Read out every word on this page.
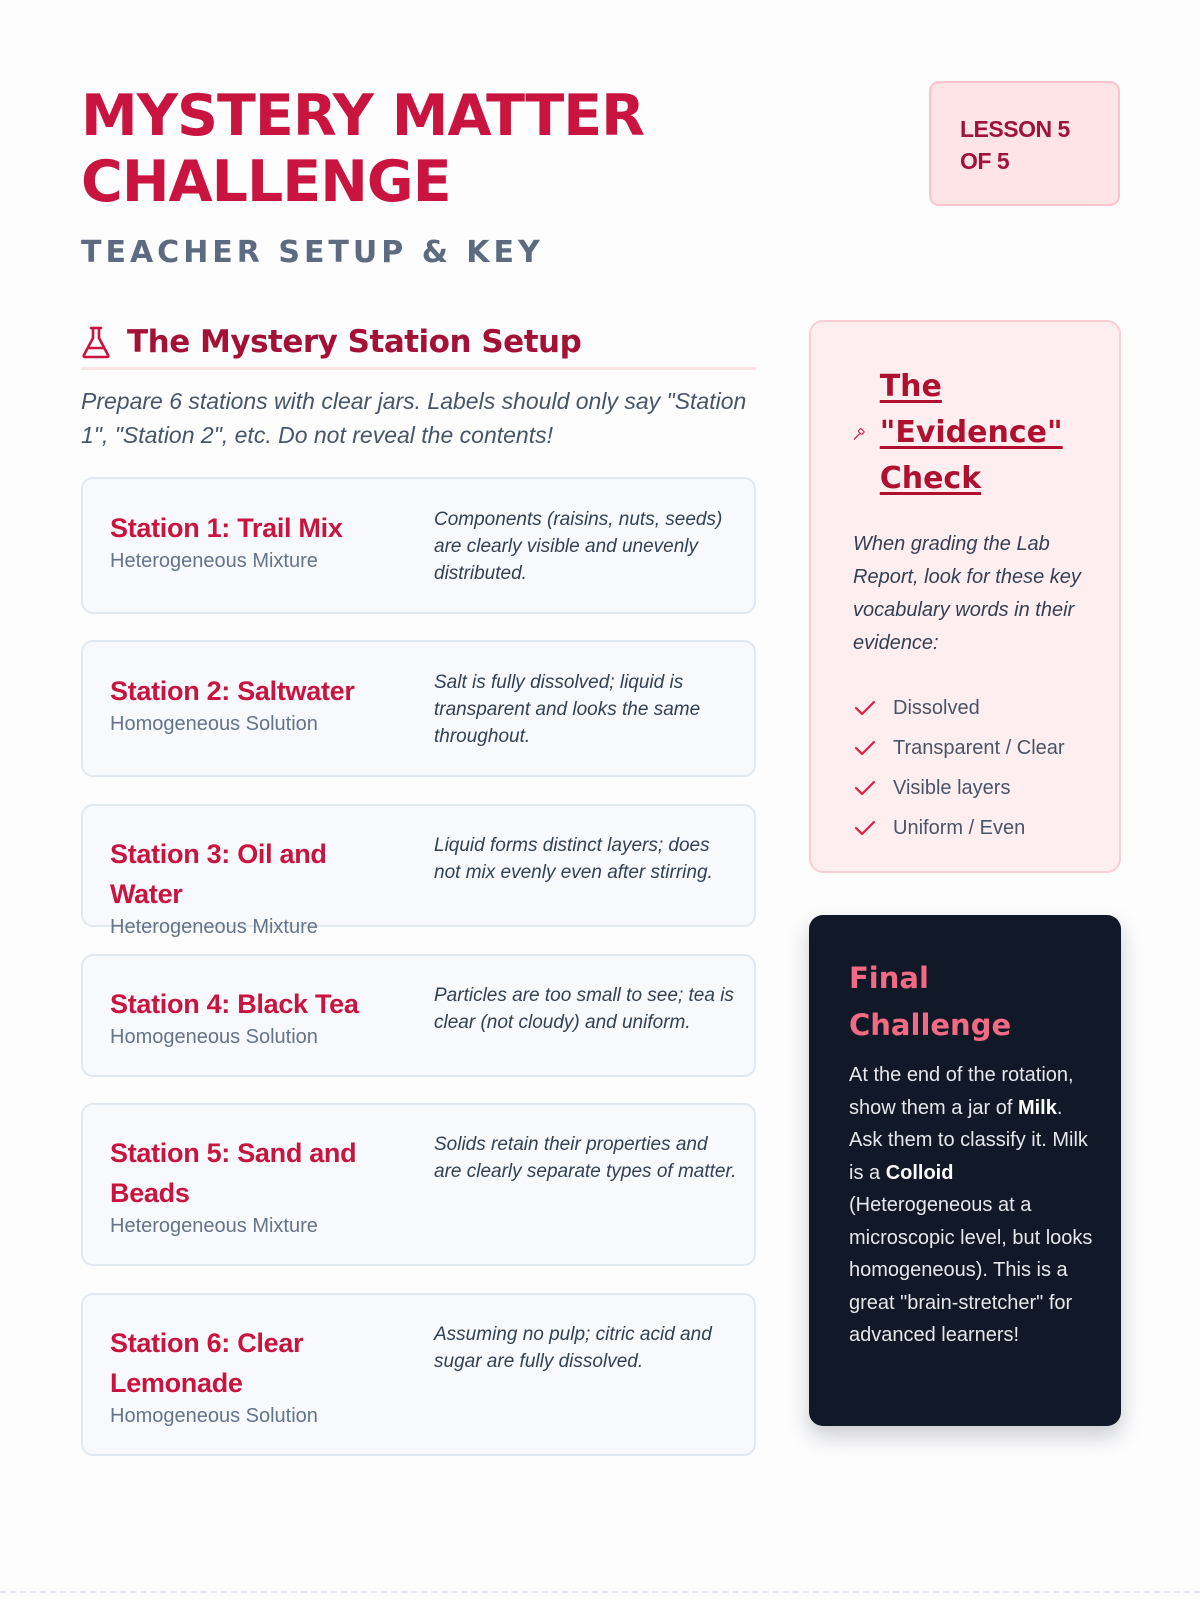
MYSTERY MATTER CHALLENGE
TEACHER SETUP & KEY
LESSON 5 OF 5
The Mystery Station Setup

Prepare 6 stations with clear jars. Labels should only say "Station 1", "Station 2", etc. Do not reveal the contents!

Station 1: Trail Mix
Heterogeneous Mixture
Components (raisins, nuts, seeds) are clearly visible and unevenly distributed.
Station 2: Saltwater
Homogeneous Solution
Salt is fully dissolved; liquid is transparent and looks the same throughout.
Station 3: Oil and Water
Heterogeneous Mixture
Liquid forms distinct layers; does not mix evenly even after stirring.
Station 4: Black Tea
Homogeneous Solution
Particles are too small to see; tea is clear (not cloudy) and uniform.
Station 5: Sand and Beads
Heterogeneous Mixture
Solids retain their properties and are clearly separate types of matter.
Station 6: Clear Lemonade
Homogeneous Solution
Assuming no pulp; citric acid and sugar are fully dissolved.
The "Evidence" Check

When grading the Lab Report, look for these key vocabulary words in their evidence:

Dissolved
Transparent / Clear
Visible layers
Uniform / Even
Final Challenge

At the end of the rotation, show them a jar of Milk. Ask them to classify it. Milk is a Colloid (Heterogeneous at a microscopic level, but looks homogeneous). This is a great "brain-stretcher" for advanced learners!
